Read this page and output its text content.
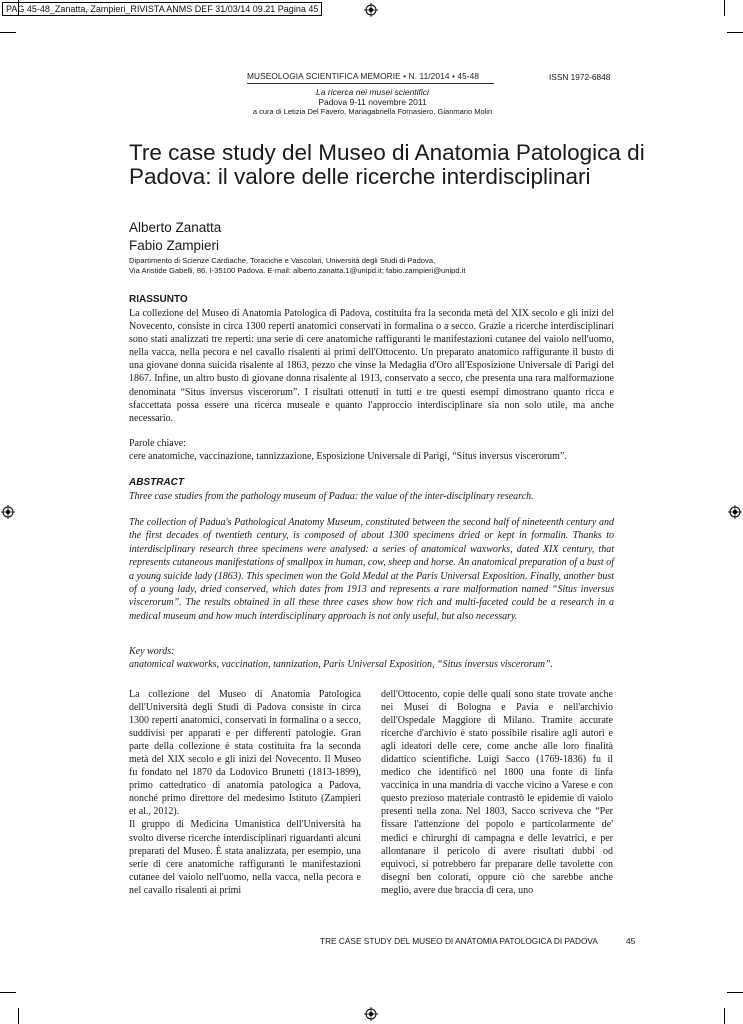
PAG 45-48_Zanatta, Zampieri_RIVISTA ANMS DEF 31/03/14 09.21 Pagina 45
MUSEOLOGIA SCIENTIFICA MEMORIE • N. 11/2014 • 45-48	ISSN 1972-6848
La ricerca nei musei scientifici
Padova 9-11 novembre 2011
a cura di Letizia Del Favero, Mariagabriella Fornasiero, Gianmario Molin
Tre case study del Museo di Anatomia Patologica di Padova: il valore delle ricerche interdisciplinari
Alberto Zanatta
Fabio Zampieri
Dipartimento di Scienze Cardiache, Toraciche e Vascolari, Università degli Studi di Padova,
Via Aristide Gabelli, 86. I-35100 Padova. E-mail: alberto.zanatta.1@unipd.it; fabio.zampieri@unipd.it
RIASSUNTO
La collezione del Museo di Anatomia Patologica di Padova, costituita fra la seconda metà del XIX secolo e gli inizi del Novecento, consiste in circa 1300 reperti anatomici conservati in formalina o a secco. Grazie a ricerche interdisciplinari sono stati analizzati tre reperti: una serie di cere anatomiche raffiguranti le manifestazioni cutanee del vaiolo nell'uomo, nella vacca, nella pecora e nel cavallo risalenti ai primi dell'Ottocento. Un preparato anatomico raffigurante il busto di una giovane donna suicida risalente al 1863, pezzo che vinse la Medaglia d'Oro all'Esposizione Universale di Parigi del 1867. Infine, un altro busto di giovane donna risalente al 1913, conservato a secco, che presenta una rara malformazione denominata “Situs inversus viscerorum”. I risultati ottenuti in tutti e tre questi esempi dimostrano quanto ricca e sfaccettata possa essere una ricerca museale e quanto l'approccio interdisciplinare sia non solo utile, ma anche necessario.
Parole chiave:
cere anatomiche, vaccinazione, tannizzazione, Esposizione Universale di Parigi, “Situs inversus viscerorum”.
ABSTRACT
Three case studies from the pathology museum of Padua: the value of the inter-disciplinary research.
The collection of Padua's Pathological Anatomy Museum, constituted between the second half of nineteenth century and the first decades of twentieth century, is composed of about 1300 specimens dried or kept in formalin. Thanks to interdisciplinary research three specimens were analysed: a series of anatomical waxworks, dated XIX century, that represents cutaneous manifestations of smallpox in human, cow, sheep and horse. An anatomical preparation of a bust of a young suicide lady (1863). This specimen won the Gold Medal at the Paris Universal Exposition. Finally, another bust of a young lady, dried conserved, which dates from 1913 and represents a rare malformation named “Situs inversus viscerorum”. The results obtained in all these three cases show how rich and multi-faceted could be a research in a medical museum and how much interdisciplinary approach is not only useful, but also necessary.
Key words:
anatomical waxworks, vaccination, tannization, Paris Universal Exposition, “Situs inversus viscerorum”.

La collezione del Museo di Anatomia Patologica dell'Università degli Studi di Padova consiste in circa 1300 reperti anatomici, conservati in formalina o a secco, suddivisi per apparati e per differenti patologie. Gran parte della collezione è stata costituita fra la seconda metà del XIX secolo e gli inizi del Novecento. Il Museo fu fondato nel 1870 da Lodovico Brunetti (1813-1899), primo cattedratico di anatomia patologica a Padova, nonché primo direttore del medesimo Istituto (Zampieri et al., 2012).

Il gruppo di Medicina Umanistica dell'Università ha svolto diverse ricerche interdisciplinari riguardanti alcuni preparati del Museo. È stata analizzata, per esempio, una serie di cere anatomiche raffiguranti le manifestazioni cutanee del vaiolo nell'uomo, nella vacca, nella pecora e nel cavallo risalenti ai primi

dell'Ottocento, copie delle quali sono state trovate anche nei Musei di Bologna e Pavia e nell'archivio dell'Ospedale Maggiore di Milano. Tramite accurate ricerche d'archivio è stato possibile risalire agli autori e agli ideatori delle cere, come anche alle loro finalità didattico scientifiche. Luigi Sacco (1769-1836) fu il medico che identificò nel 1800 una fonte di linfa vaccinica in una mandria di vacche vicino a Varese e con questo prezioso materiale contrastò le epidemie di vaiolo presenti nella zona. Nel 1803, Sacco scriveva che “Per fissare l'attenzione del popolo e particolarmente de' medici e chirurghi di campagna e delle levatrici, e per allontanare il pericolo di avere risultati dubbi od equivoci, si potrebbero far preparare delle tavolette con disegni ben colorati, oppure ciò che sarebbe anche meglio, avere due braccia di cera, uno

TRE CASE STUDY DEL MUSEO DI ANATOMIA PATOLOGICA DI PADOVA	45
